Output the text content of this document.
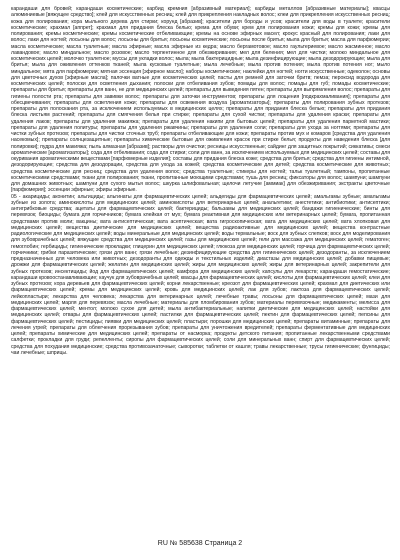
карандаши для бровей; карандаши косметические; карбид кремния [абразивный материал]; карбиды металлов [абразивные материалы]; квасцы алюминиевые [вяжущее средство]; клей для искусственных ресниц; клей для прикрепления накладных волос; клеи для прикрепления искусственных ресниц; кожа для полирования; кора мыльного дерева для стирки; корунд [абразив]; красители для бороды и усов; красители для воды в туалете; красители косметические; крахмал [аппрет]; крахмал для придания блеска белью; крема для обуви; крем для полирования кожи; кремы для кожи; кремы для полирования; кремы косметические; кремы косметические отбеливающие; кремы на основе эфирных масел; крокус красный для полирования; лаки для волос; лаки для ногтей; лосьоны для волос; лосьоны для бритья; лосьоны косметические; лосьоны после бритья; мыла для бритья; масла для парфюмерии; масла косметические; масла туалетные; масла эфирные; масла эфирные из кедра; масло бергамотовое; масло гаультериевое; масло жасминное; масло лавандовое; масло миндальное; масло розовое; масло терпентинное для обезжиривания; мел для беления; мел для чистки; молоко миндальное для косметических целей; молочко туалетное; муссы для укладки волос; мыла; мыла бактерицидные; мыла дезинфицирующие; мыла дезодорирующие; мыла для бритья; мыла для оживления оттенков тканей; мыла кусковые туалетные; мыла лечебные; мыла против потения; мыла против потения ног; мыло миндальное; мята для парфюмерии; мятная эссенция [эфирное масло]; наборы косметические; наклейки для ногтей; ногти искусственные; одеколон; основы для цветочных духов [эфирные масла]; палочки ватные для косметических целей; пасты для ремней для заточки бритв; пемза; пероксид водорода для косметических целей; полоски для осветления дыхания; полоски для отбеливания зубов; помады для волос; помады для губ; помады косметические; препараты для бритья; препараты для ванн, не для медицинских целей; препараты для выведения пятен; препараты для выпрямления волос; препараты для гигиены полости рта; препараты для завивки волос; препараты для заточки инструментов; препараты для лощения [подкрахмаливания]; препараты для обесцвечивания; препараты для осветления кожи; препараты для освежения воздуха [ароматизаторы]; препараты для полирования зубных протезов; препараты для полоскания рта, за исключением используемых в медицинских целях; препараты для придания блеска белью; препараты для придания блеска листьям растений; препараты для смягчения белья при стирке; препараты для сухой чистки; препараты для удаления краски; препараты для удаления лаков; препараты для удаления макияжа; препараты для удаления накипи для бытовых целей; препараты для удаления паркетной мастики; препараты для удаления политуры; препараты для удаления ржавчины; препараты для удаления соли; препараты для ухода за ногтями; препараты для чистки зубных протезов; препараты для чистки сточных труб; препараты отбеливающие для кожи; препараты против мух и комаров [средства для удаления насекомых]; препараты солнцезащитные; препараты химические бытовые для оживления красок при стирке белья; продукты для наведения блеска [для полировки]; пудра для макияжа; пыль алмазная [абразив]; растворы для очистки; ресницы искусственные; сайдинг для защитных покрытий; сиккативы; смеси ароматические [ароматизаторы]; сода для отбеливания; сода для стирки; соли для ванн, за исключением используемых для медицинских целей; составы для окуривания ароматическими веществами [парфюмерные изделия]; составы для придания блеска коже; средства для бритья; средства для гигиены интимной, дезодорирующие; средства для дезодорации, средства для ухода за кожей; средства косметические для детей; средства косметические для животных; средства косметические для ресниц; средства для удаления волос; средства туалетные; стикеры для ногтей; тальк туалетный; тампоны, пропитанные косметическими средствами; ткани для полирования; ткани, пропитанные моющими средствами; тушь для ресниц; фиксаторы для волос; шампуни; шампуни для домашних животных; шампуни для сухого мытья волос; шкурка шлифовальная; щелочи летучие [аммиак] для обезжиривания; экстракты цветочные [парфюмерия]; эссенции эфирные; эфиры эфирные.

05 - акарициды; аконитин; альгициды; альгинаты для фармацевтических целей; альдегиды для фармацевтических целей; амальгамы зубные; амальгамы зубные из золота; аминокислоты для медицинских целей; аминокислоты для ветеринарных целей; анальгетики; анестетики; антибиотики; антисептики; антигрибковые средства; ацетаты для фармацевтических целей; бактерициды; бальзамы для медицинских целей; бандажи гигиенические; бинты для перевязок; биоциды; бумага для горчичников; бумага клейкая от мух; бумага реактивная для медицинских или ветеринарных целей; бумага, пропитанная средствами против моли; вакцины; вата антисептическая; вата асептическая; вата гигроскопическая; вата для медицинских целей; вата хлопковая для медицинских целей; вещества диетические для медицинских целей; вещества радиоактивные для медицинских целей; вещества контрастные радиологические для медицинских целей; воды минеральные для медицинских целей; воды термальные; воск для зубных слепков; воск для моделирования для зубоврачебных целей; вяжущие средства для медицинских целей; газы для медицинских целей; гели для массажа для медицинских целей; гематоген; гемоглобин; гербициды; гигиенические прокладки; глицерин для медицинских целей; глюкоза для медицинских целей; горчица для фармацевтических целей; горчичники; грибки паразитические; грязи для ванн; грязи лечебные; дезинфицирующие средства для гигиенических целей; дезодоранты, за исключением предназначенных для человека или животных; дезодоранты для одежды и текстильных изделий; диастазы для медицинских целей; добавки пищевые; дрожжи для фармацевтических целей; желатин для медицинских целей; жиры для медицинских целей; жиры для ветеринарных целей; закрепители для зубных протезов; инсектициды; йод для фармацевтических целей; камфора для медицинских целей; капсулы для лекарств; карандаши гемостатические; карандаши кровоостанавливающие; каучук для зубоврачебных целей; квасцы для фармацевтических целей; кислоты для фармацевтических целей; клеи для зубных протезов; кора деревьев для фармацевтических целей; корни лекарственные; креозот для фармацевтических целей; крахмал для диетических или фармацевтических целей; кремы для медицинских целей; кровь для медицинских целей; лак для зубов; лактоза для фармацевтических целей; лейкопластыри; лекарства для человека; лекарства для ветеринарных целей; лечебные травы; лосьоны для фармацевтических целей; мази для медицинских целей; марля для перевязок; масла лечебные; материалы для пломбирования зубов; материалы перевязочные; медикаменты; мелисса для фармацевтических целей; ментол; молоко сухое для детей; мыла антибактериальные; напитки диетические для медицинских целей; настойки для медицинских целей; отвары для фармацевтических целей; пастилки для фармацевтических целей; пектин для фармацевтических целей; пепсины для фармацевтических целей; пестициды; пиявки для медицинских целей; пластыри; порошки для медицинских целей; препараты витаминные; препараты для лечения угрей; препараты для облегчения прорезывания зубов; препараты для уничтожения вредителей; препараты ферментативные для медицинских целей; препараты химические для медицинских целей; препараты от насморка; продукты детского питания; пропитанные лекарственными средствами салфетки; прокладки для груди; репелленты; сиропы для фармацевтических целей; соли для минеральных ванн; спирт для фармацевтических целей; средства для похудания медицинские; средства противозачаточные; сыворотки; таблетки от кашля; травы лекарственные; трусы гигиенические; фунгициды; чаи лечебные; шприцы.

RU № 585638 Страница 2
